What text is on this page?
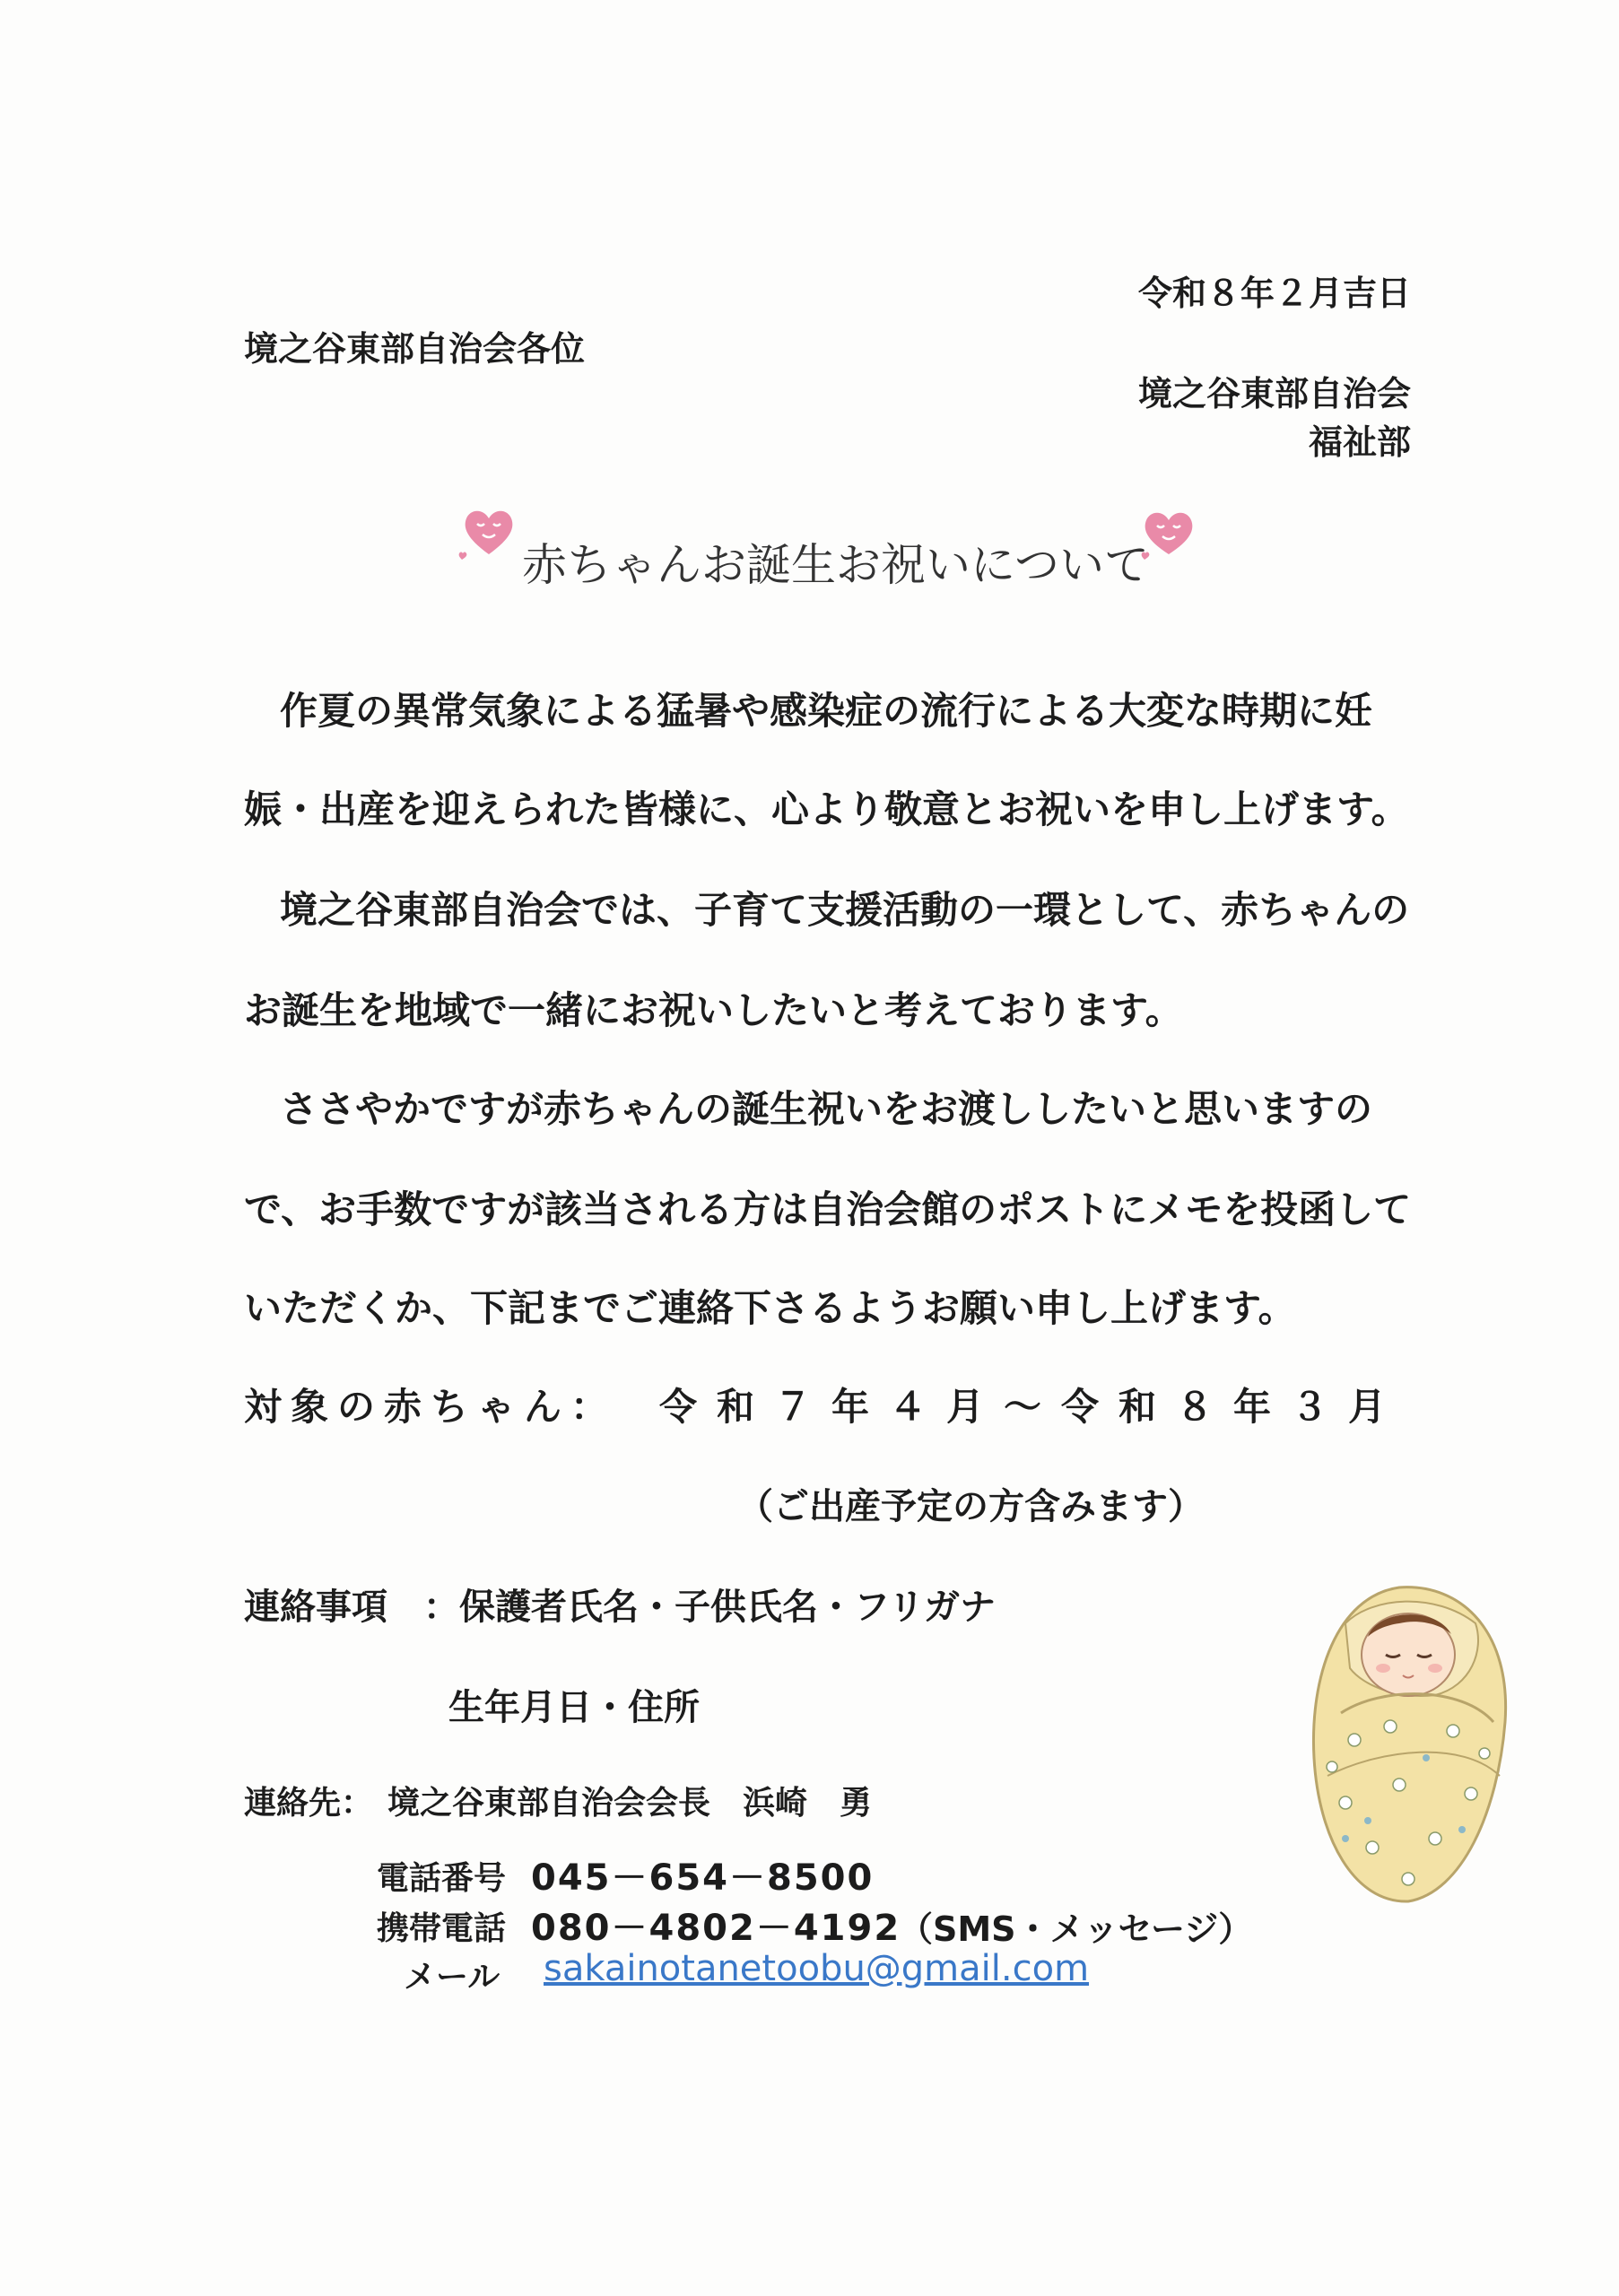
令和８年２月吉日
境之谷東部自治会各位
境之谷東部自治会
福祉部
赤ちゃんお誕生お祝いについて
作夏の異常気象による猛暑や感染症の流行による大変な時期に妊
娠・出産を迎えられた皆様に、心より敬意とお祝いを申し上げます。
境之谷東部自治会では、子育て支援活動の一環として、赤ちゃんの
お誕生を地域で一緒にお祝いしたいと考えております。
ささやかですが赤ちゃんの誕生祝いをお渡ししたいと思いますの
で、お手数ですが該当される方は自治会館のポストにメモを投函して
いただくか、下記までご連絡下さるようお願い申し上げます。
対象の赤ちゃん： 令和７年４月～令和８年３月
（ご出産予定の方含みます）
連絡事項 ：保護者氏名・子供氏名・フリガナ
生年月日・住所
連絡先： 境之谷東部自治会会長　浜崎　勇
電話番号 045－654－8500
携帯電話 080－4802－4192
（SMS・メッセージ）
メール sakainotanetoobu@gmail.com
